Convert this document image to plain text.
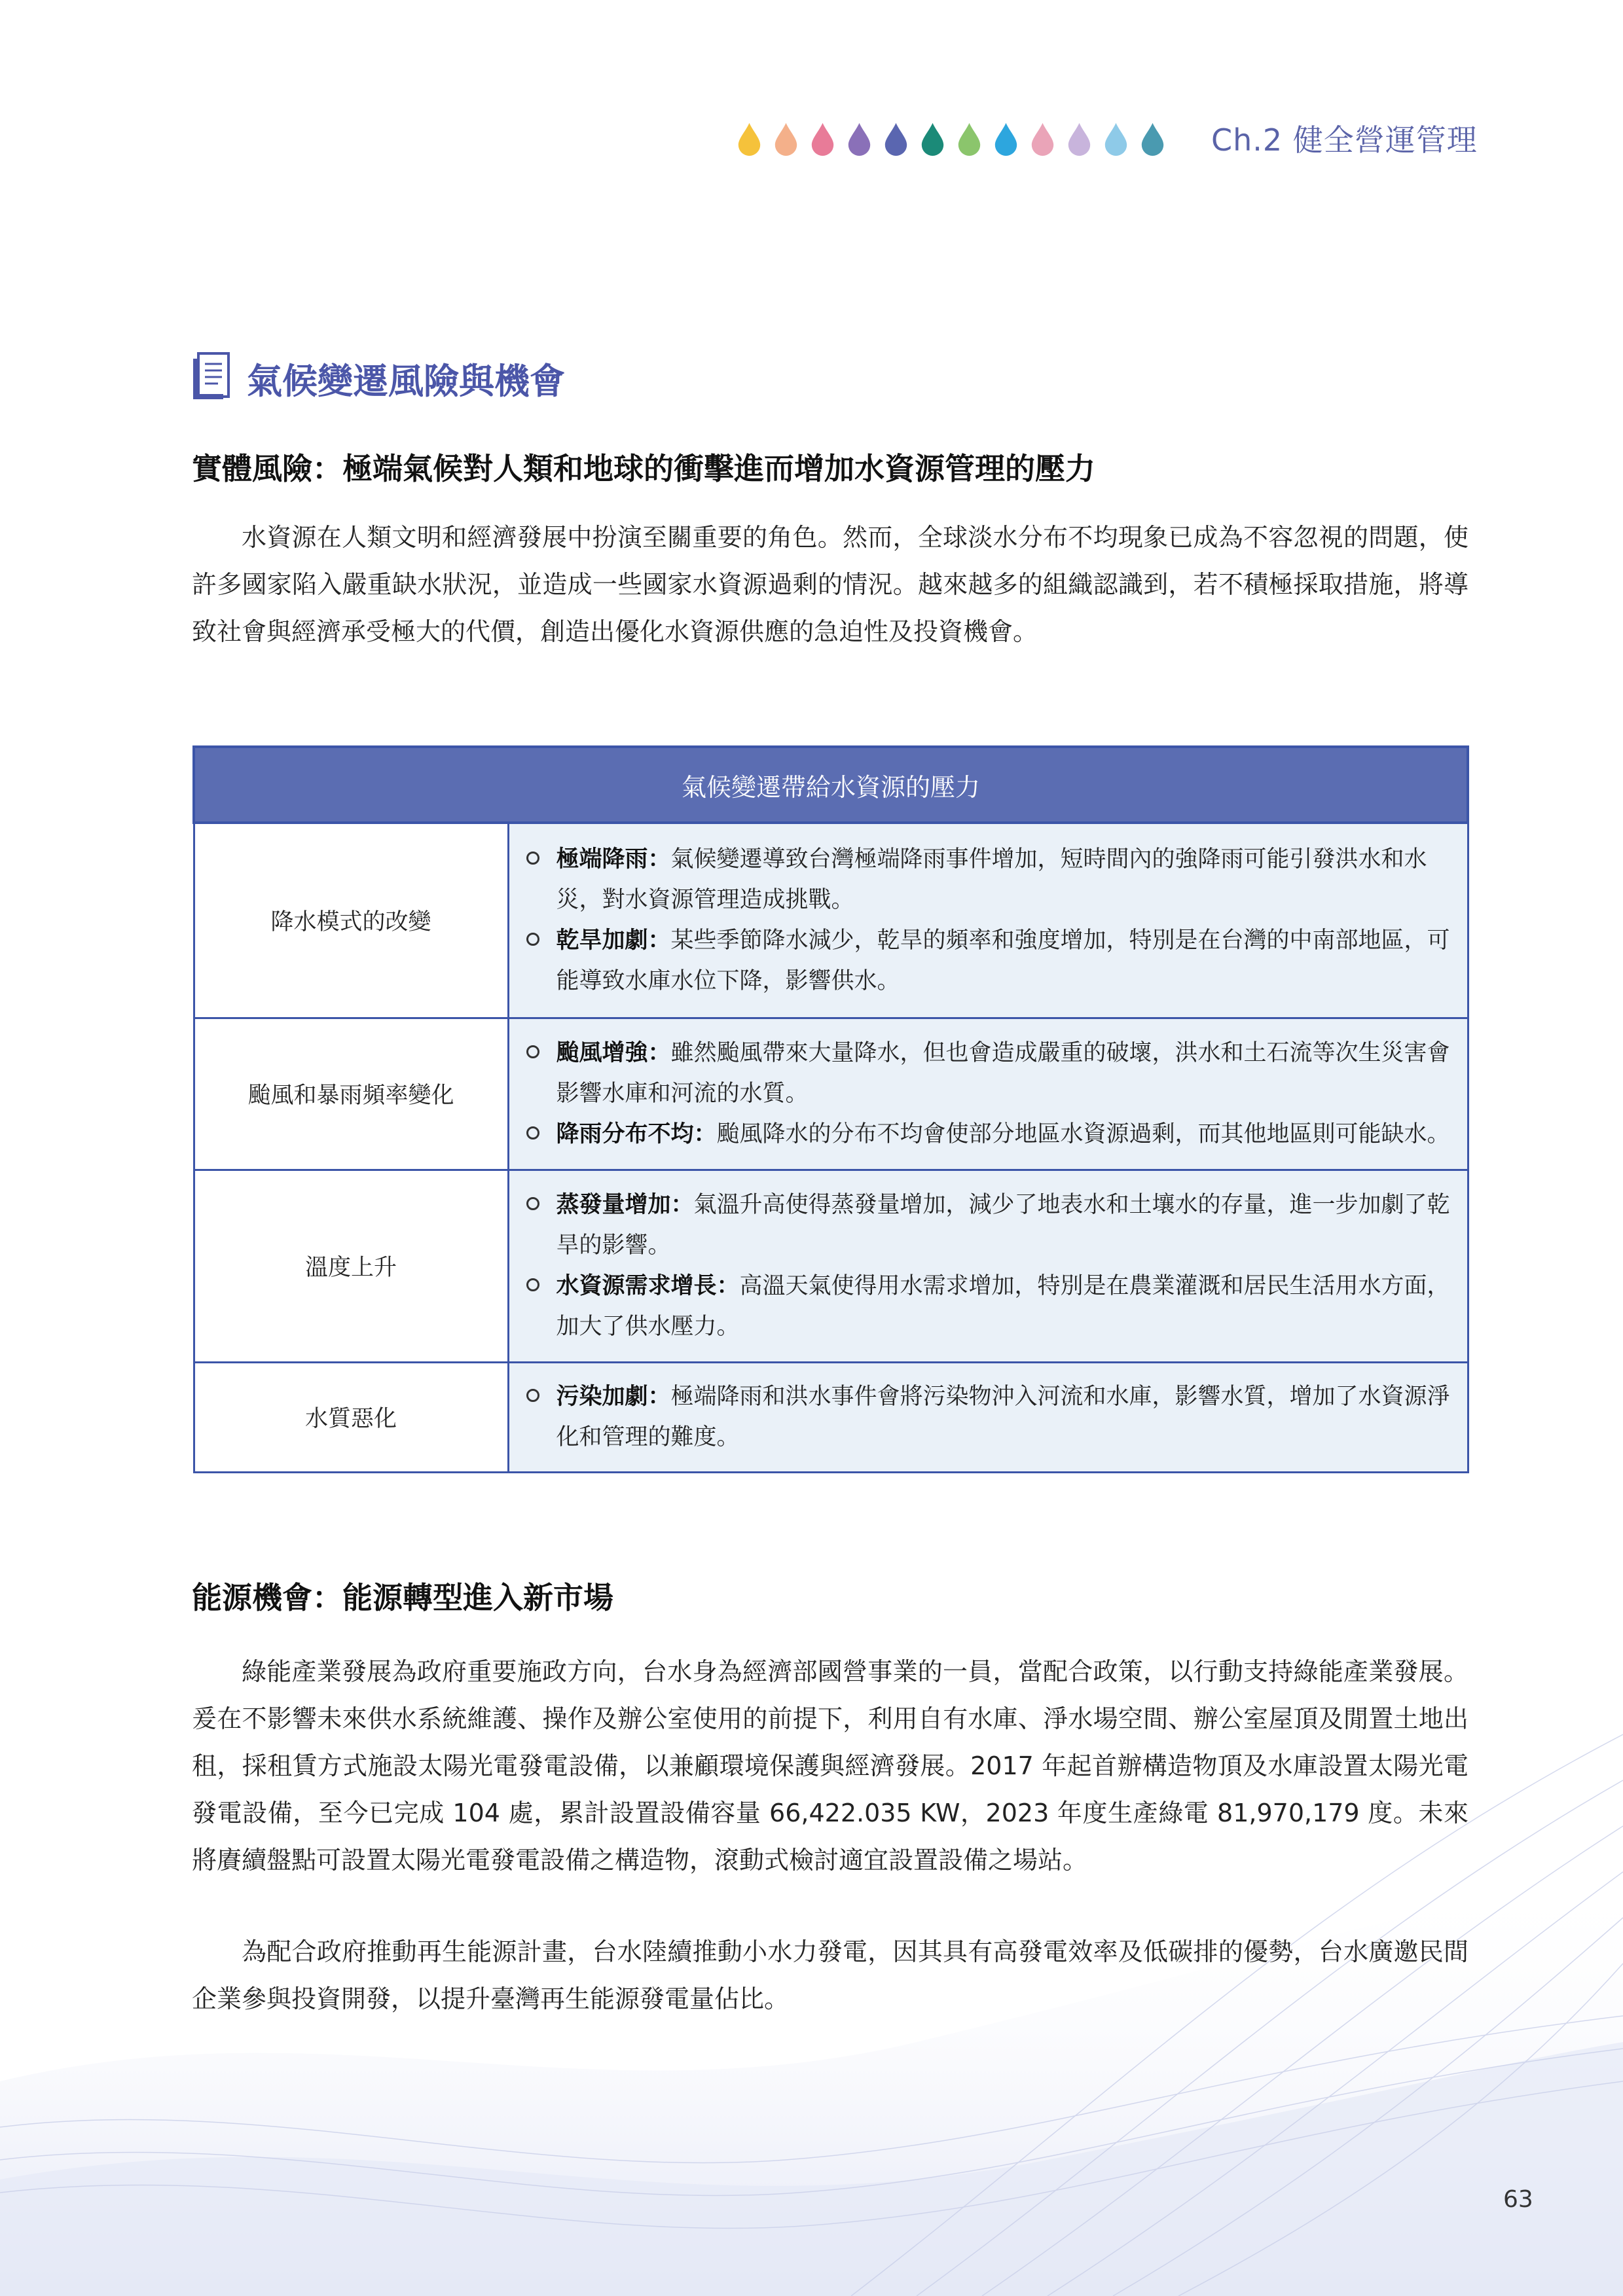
Ch.2 健全營運管理
氣候變遷風險與機會
實體風險：極端氣候對人類和地球的衝擊進而增加水資源管理的壓力

水資源在人類文明和經濟發展中扮演至關重要的角色。然而，全球淡水分布不均現象已成為不容忽視的問題，使許多國家陷入嚴重缺水狀況，並造成一些國家水資源過剩的情況。越來越多的組織認識到，若不積極採取措施，將導致社會與經濟承受極大的代價，創造出優化水資源供應的急迫性及投資機會。

氣候變遷帶給水資源的壓力	
降水模式的改變	極端降雨：氣候變遷導致台灣極端降雨事件增加，短時間內的強降雨可能引發洪水和水災，對水資源管理造成挑戰。
乾旱加劇：某些季節降水減少，乾旱的頻率和強度增加，特別是在台灣的中南部地區，可能導致水庫水位下降，影響供水。

颱風和暴雨頻率變化	颱風增強：雖然颱風帶來大量降水，但也會造成嚴重的破壞，洪水和土石流等次生災害會影響水庫和河流的水質。
降雨分布不均：颱風降水的分布不均會使部分地區水資源過剩，而其他地區則可能缺水。

溫度上升	蒸發量增加：氣溫升高使得蒸發量增加，減少了地表水和土壤水的存量，進一步加劇了乾旱的影響。
水資源需求增長：高溫天氣使得用水需求增加，特別是在農業灌溉和居民生活用水方面，加大了供水壓力。

水質惡化	污染加劇：極端降雨和洪水事件會將污染物沖入河流和水庫，影響水質，增加了水資源淨化和管理的難度。
能源機會：能源轉型進入新市場

綠能產業發展為政府重要施政方向，台水身為經濟部國營事業的一員，當配合政策，以行動支持綠能產業發展。爰在不影響未來供水系統維護、操作及辦公室使用的前提下，利用自有水庫、淨水場空間、辦公室屋頂及閒置土地出租，採租賃方式施設太陽光電發電設備，以兼顧環境保護與經濟發展。2017 年起首辦構造物頂及水庫設置太陽光電發電設備，至今已完成 104 處，累計設置設備容量 66,422.035 KW，2023 年度生產綠電 81,970,179 度。未來將賡續盤點可設置太陽光電發電設備之構造物，滾動式檢討適宜設置設備之場站。

為配合政府推動再生能源計畫，台水陸續推動小水力發電，因其具有高發電效率及低碳排的優勢，台水廣邀民間企業參與投資開發，以提升臺灣再生能源發電量佔比。

63
